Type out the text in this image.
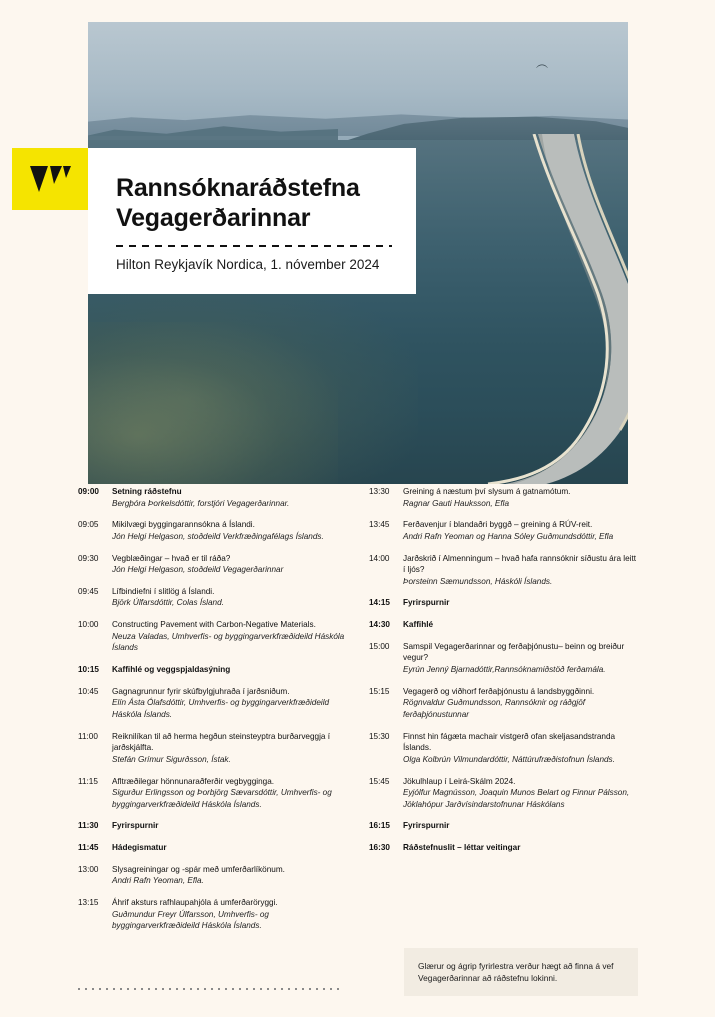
︵
Rannsóknaráðstefna
Vegagerðarinnar
Hilton Reykjavík Nordica, 1. nóvember 2024
09:00	Setning ráðstefnu
Bergþóra Þorkelsdóttir, forstjóri Vegagerðarinnar.
09:05	Mikilvægi byggingarannsókna á Íslandi.
Jón Helgi Helgason, stoðdeild Verkfræðingafélags Íslands.
09:30	Vegblæðingar – hvað er til ráða?
Jón Helgi Helgason, stoðdeild Vegagerðarinnar
09:45	Lífbindiefni í slitlög á Íslandi.
Björk Úlfarsdóttir, Colas Ísland.
10:00	Constructing Pavement with Carbon-Negative Materials.
Neuza Valadas, Umhverfis- og byggingarverkfræðideild Háskóla Íslands
10:15	Kaffihlé og veggspjaldasýning
10:45	Gagnagrunnur fyrir skúfbylgjuhraða í jarðsniðum.
Elín Ásta Ólafsdóttir, Umhverfis- og byggingarverkfræðideild Háskóla Íslands.
11:00	Reiknilíkan til að herma hegðun steinsteyptra burðarveggja í jarðskjálfta.
Stefán Grímur Sigurðsson, Ístak.
11:15	Afltræðilegar hönnunaraðferðir vegbygginga.
Sigurður Erlingsson og Þorbjörg Sævarsdóttir, Umhverfis- og byggingarverkfræðideild Háskóla Íslands.
11:30	Fyrirspurnir
11:45	Hádegismatur
13:00	Slysagreiningar og -spár með umferðarlíkönum.
Andri Rafn Yeoman, Efla.
13:15	Áhrif aksturs rafhlaupahjóla á umferðaröryggi.
Guðmundur Freyr Úlfarsson, Umhverfis- og byggingarverkfræðideild Háskóla Íslands.
13:30	Greining á næstum því slysum á gatnamótum.
Ragnar Gauti Hauksson, Efla
13:45	Ferðavenjur í blandaðri byggð – greining á RÚV-reit.
Andri Rafn Yeoman og Hanna Sóley Guðmundsdóttir, Efla
14:00	Jarðskrið í Almenningum – hvað hafa rannsóknir síðustu ára leitt í ljós?
Þorsteinn Sæmundsson, Háskóli Íslands.
14:15	Fyrirspurnir
14:30	Kaffihlé
15:00	Samspil Vegagerðarinnar og ferðaþjónustu– beinn og breiður vegur?
Eyrún Jenný Bjarnadóttir,Rannsóknamiðstöð ferðamála.
15:15	Vegagerð og viðhorf ferðaþjónustu á landsbyggðinni.
Rögnvaldur Guðmundsson, Rannsóknir og ráðgjöf ferðaþjónustunnar
15:30	Finnst hin fágæta machair vistgerð ofan skeljasandstranda Íslands.
Olga Kolbrún Vilmundardóttir, Náttúrufræðistofnun Íslands.
15:45	Jökulhlaup í Leirá-Skálm 2024.
Eyjólfur Magnússon, Joaquin Munos Belart og Finnur Pálsson, Jöklahópur Jarðvísindarstofnunar Háskólans
16:15	Fyrirspurnir
16:30	Ráðstefnuslit – léttar veitingar
Glærur og ágrip fyrirlestra verður hægt að finna á vef Vegagerðarinnar að ráðstefnu lokinni.
